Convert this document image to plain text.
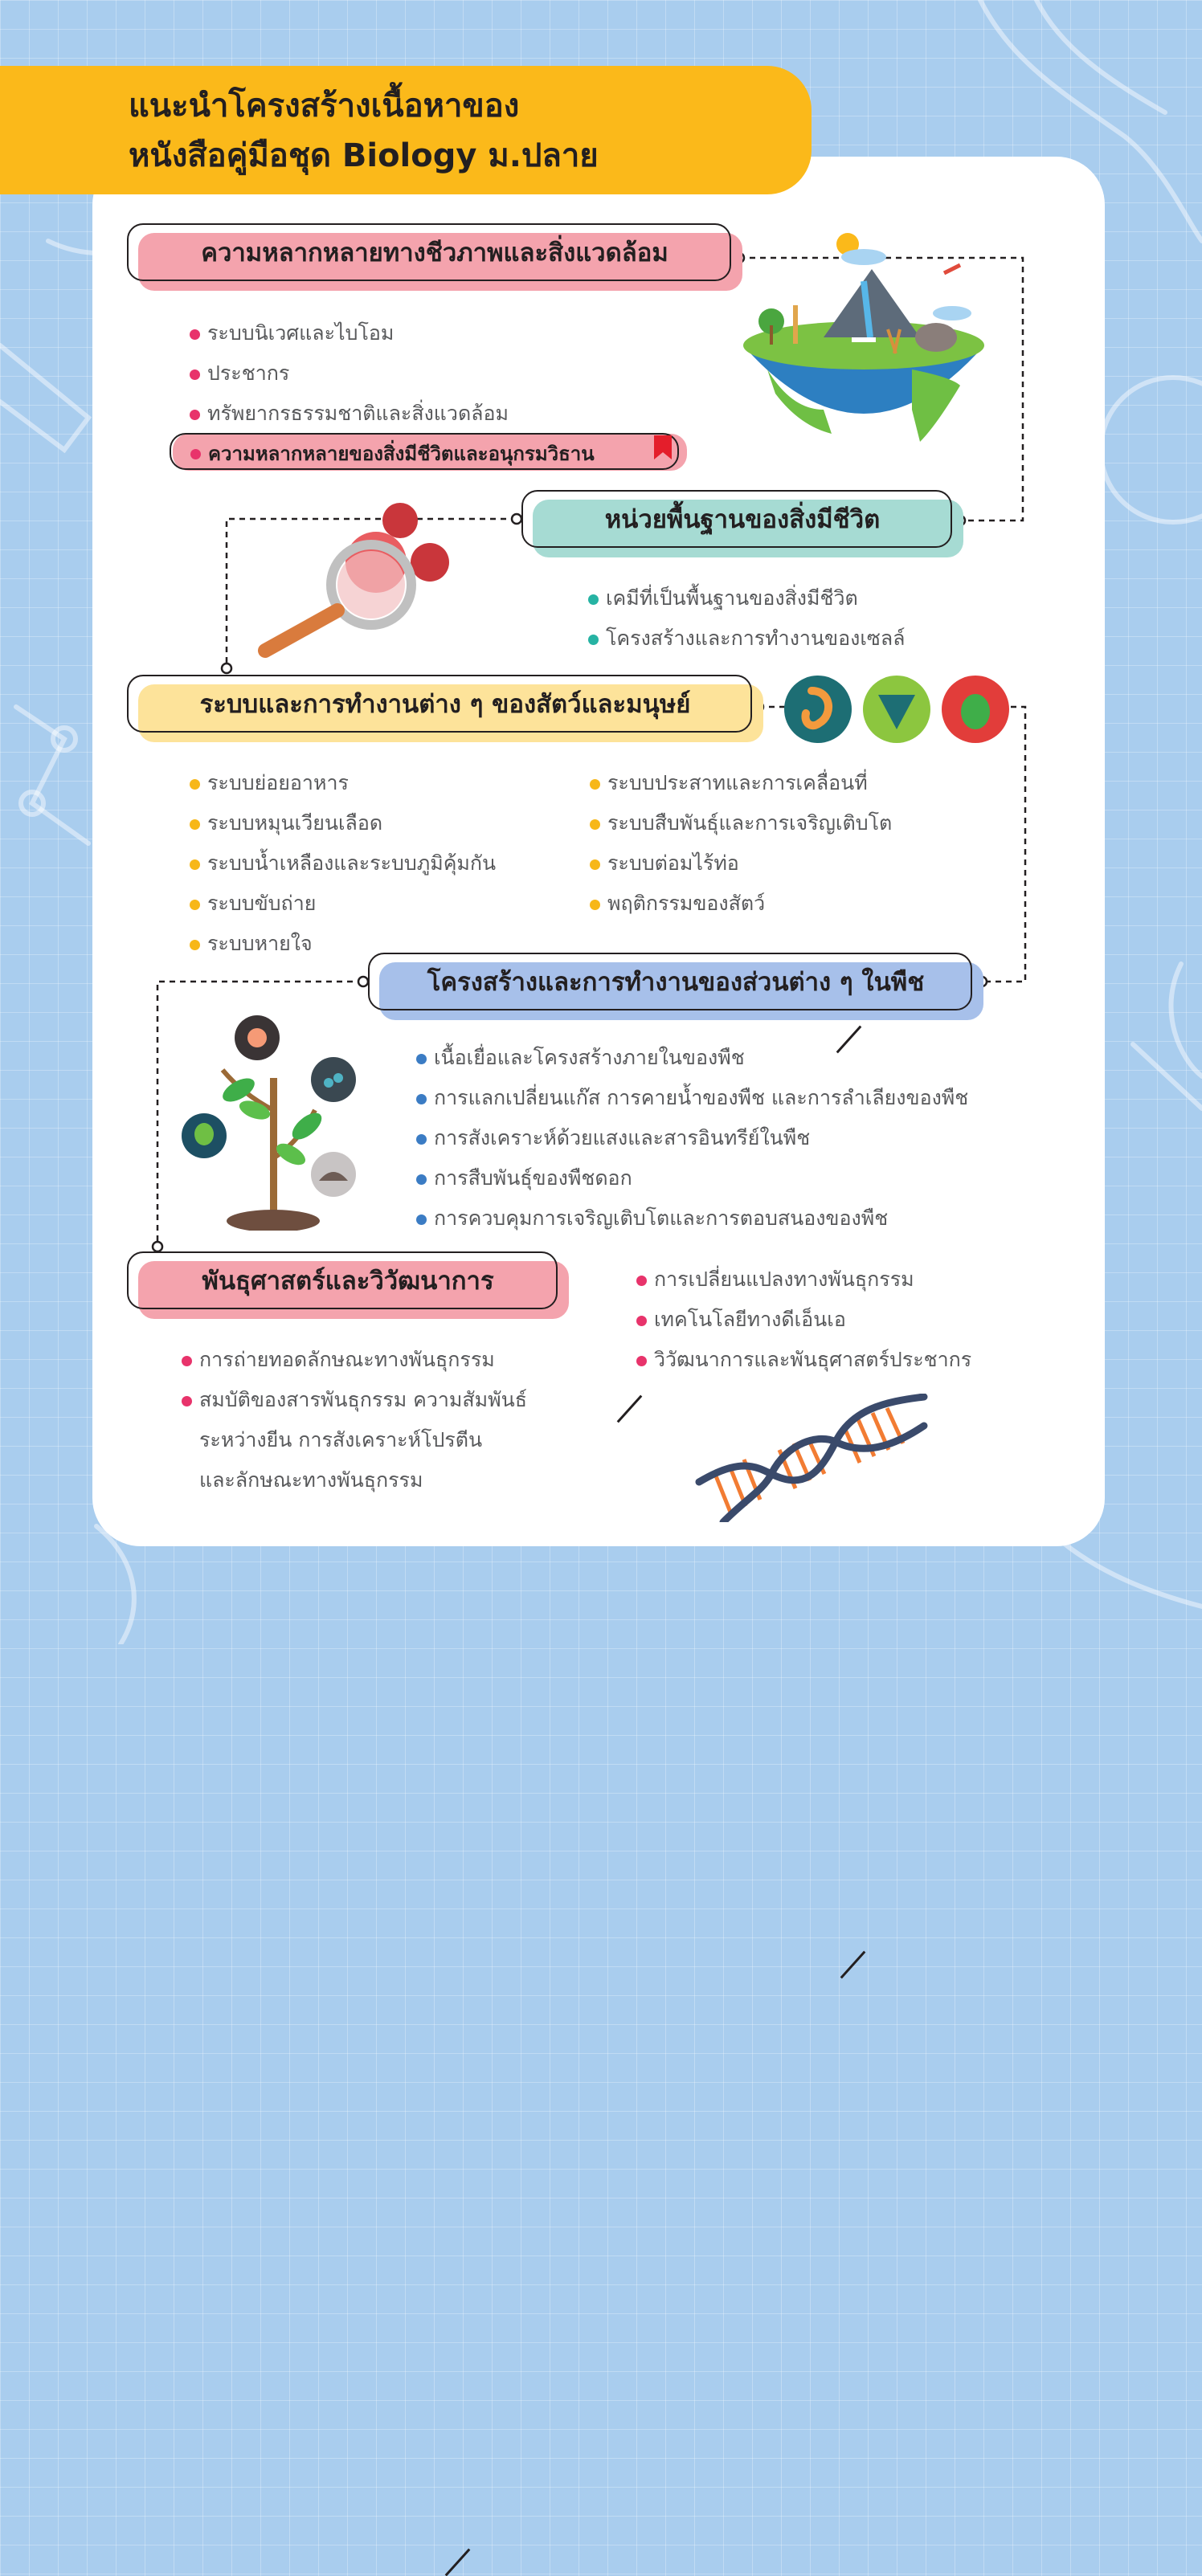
แนะนำโครงสร้างเนื้อหาของ
หนังสือคู่มือชุด Biology ม.ปลาย
ความหลากหลายทางชีวภาพและสิ่งแวดล้อม
ระบบนิเวศและไบโอม
ประชากร
ทรัพยากรธรรมชาติและสิ่งแวดล้อม
ความหลากหลายของสิ่งมีชีวิตและอนุกรมวิธาน
หน่วยพื้นฐานของสิ่งมีชีวิต
เคมีที่เป็นพื้นฐานของสิ่งมีชีวิต
โครงสร้างและการทำงานของเซลล์
ระบบและการทำงานต่าง ๆ ของสัตว์และมนุษย์
ระบบย่อยอาหาร
ระบบหมุนเวียนเลือด
ระบบน้ำเหลืองและระบบภูมิคุ้มกัน
ระบบขับถ่าย
ระบบหายใจ
ระบบประสาทและการเคลื่อนที่
ระบบสืบพันธุ์และการเจริญเติบโต
ระบบต่อมไร้ท่อ
พฤติกรรมของสัตว์
โครงสร้างและการทำงานของส่วนต่าง ๆ ในพืช
เนื้อเยื่อและโครงสร้างภายในของพืช
การแลกเปลี่ยนแก๊ส การคายน้ำของพืช และการลำเลียงของพืช
การสังเคราะห์ด้วยแสงและสารอินทรีย์ในพืช
การสืบพันธุ์ของพืชดอก
การควบคุมการเจริญเติบโตและการตอบสนองของพืช
พันธุศาสตร์และวิวัฒนาการ
การถ่ายทอดลักษณะทางพันธุกรรม
สมบัติของสารพันธุกรรม ความสัมพันธ์
ระหว่างยีน การสังเคราะห์โปรตีน
และลักษณะทางพันธุกรรม
การเปลี่ยนแปลงทางพันธุกรรม
เทคโนโลยีทางดีเอ็นเอ
วิวัฒนาการและพันธุศาสตร์ประชากร
